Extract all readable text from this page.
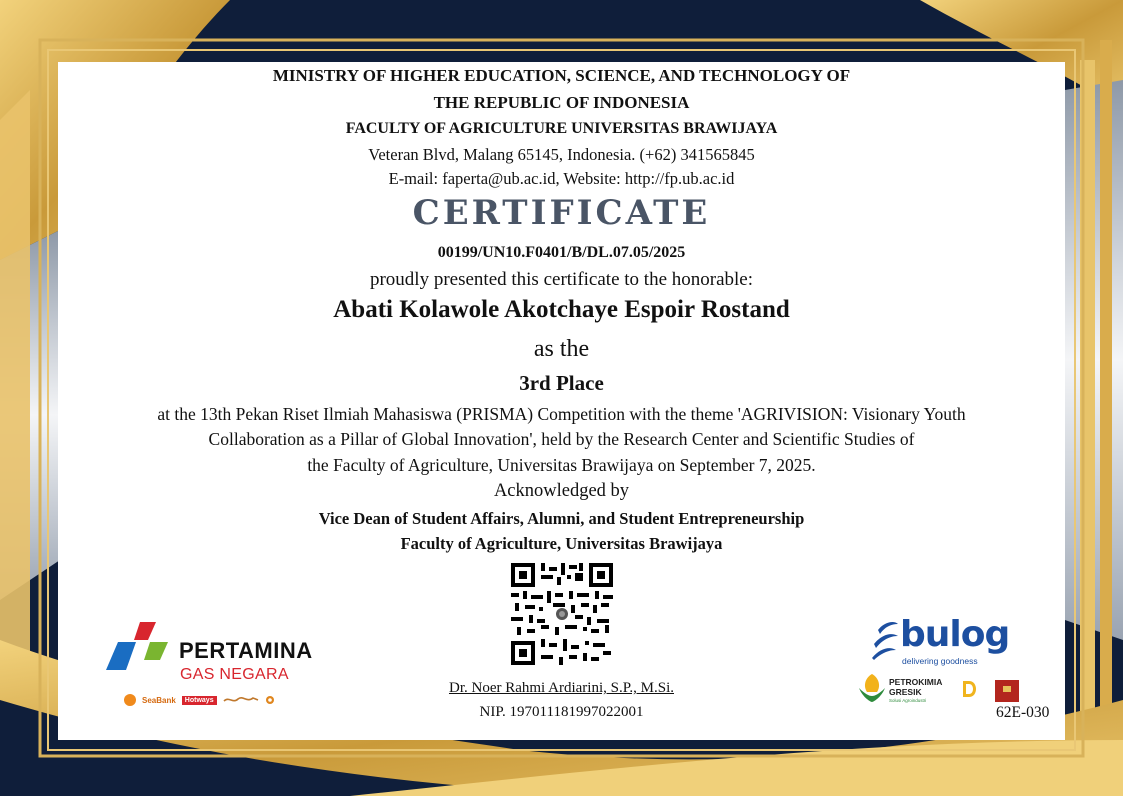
MINISTRY OF HIGHER EDUCATION, SCIENCE, AND TECHNOLOGY OF
THE REPUBLIC OF INDONESIA
FACULTY OF AGRICULTURE UNIVERSITAS BRAWIJAYA
Veteran Blvd, Malang 65145, Indonesia. (+62) 341565845
E-mail: faperta@ub.ac.id, Website: http://fp.ub.ac.id
CERTIFICATE
00199/UN10.F0401/B/DL.07.05/2025
proudly presented this certificate to the honorable:
Abati Kolawole Akotchaye Espoir Rostand
as the
3rd Place
at the 13th Pekan Riset Ilmiah Mahasiswa (PRISMA) Competition with the theme 'AGRIVISION: Visionary Youth
Collaboration as a Pillar of Global Innovation', held by the Research Center and Scientific Studies of
the Faculty of Agriculture, Universitas Brawijaya on September 7, 2025.
Acknowledged by
Vice Dean of Student Affairs, Alumni, and Student Entrepreneurship
Faculty of Agriculture, Universitas Brawijaya
Dr. Noer Rahmi Ardiarini, S.P., M.Si.
NIP. 197011181997022001
PERTAMINA
GAS NEGARA
SeaBank	Hotways
bulog
delivering goodness
PETROKIMIA
GRESIK
Solusi Agroindustri
62E-030
